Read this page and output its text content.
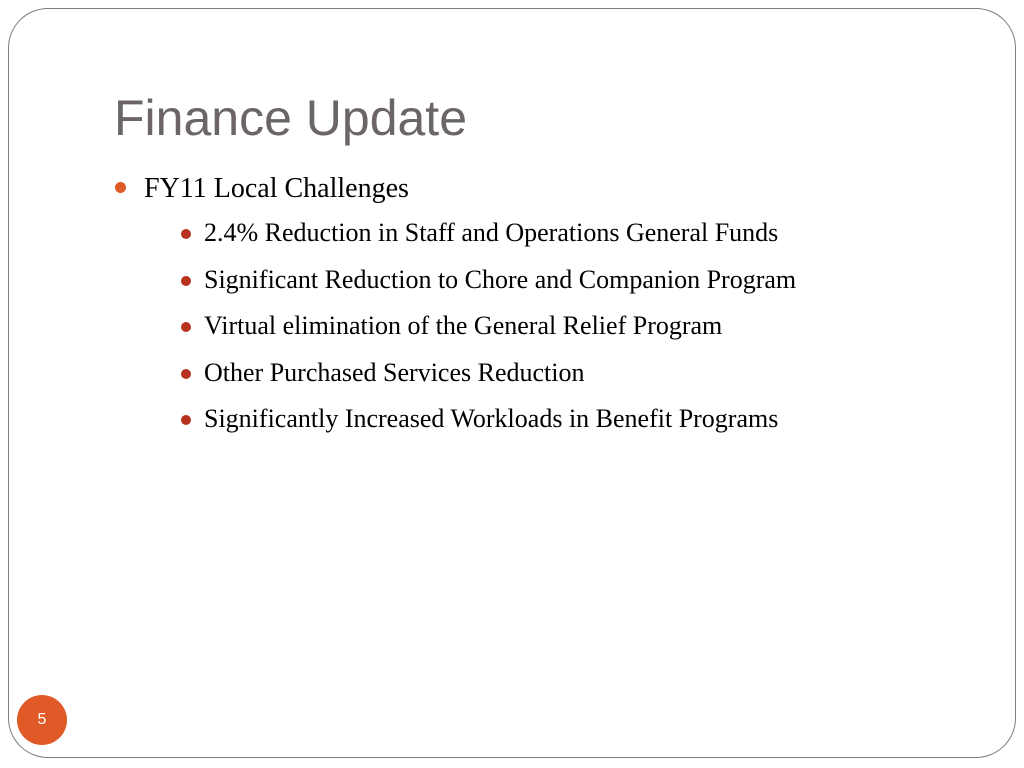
Finance Update
FY11 Local Challenges
2.4% Reduction in Staff and Operations General Funds
Significant Reduction to Chore and Companion Program
Virtual elimination of the General Relief Program
Other Purchased Services Reduction
Significantly Increased Workloads in Benefit Programs
5
